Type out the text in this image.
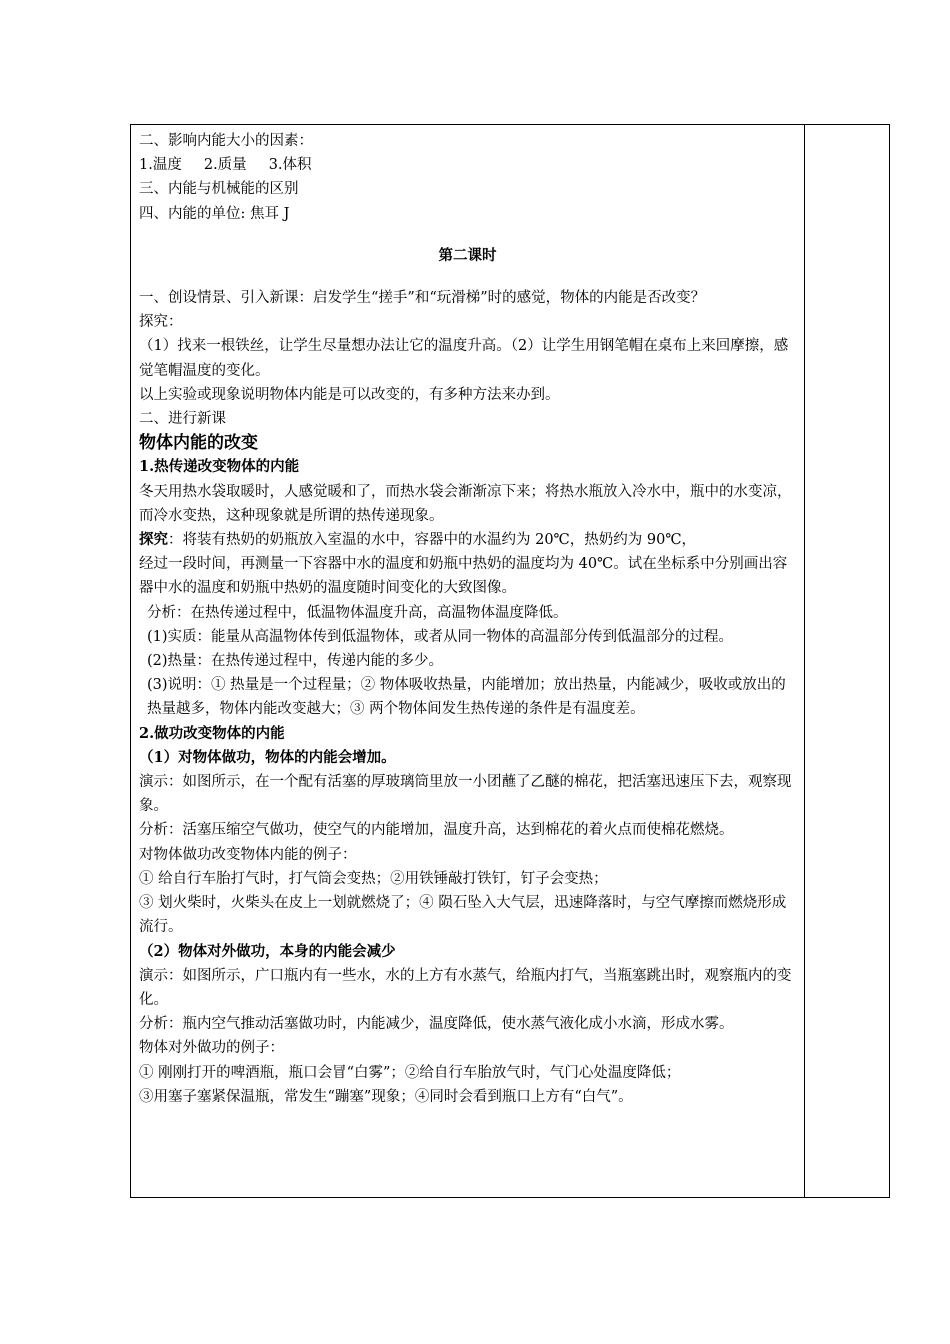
二、影响内能大小的因素：

1.温度 2.质量 3.体积

三、内能与机械能的区别

四、内能的单位: 焦耳 J

第二课时

一、创设情景、引入新课：启发学生“搓手”和“玩滑梯”时的感觉，物体的内能是否改变？

探究：

（1）找来一根铁丝，让学生尽量想办法让它的温度升高。（2）让学生用钢笔帽在桌布上来回摩擦，感觉笔帽温度的变化。

以上实验或现象说明物体内能是可以改变的，有多种方法来办到。

二、进行新课

物体内能的改变

1.热传递改变物体的内能

冬天用热水袋取暖时，人感觉暖和了，而热水袋会渐渐凉下来；将热水瓶放入冷水中，瓶中的水变凉，而冷水变热，这种现象就是所谓的热传递现象。

探究：将装有热奶的奶瓶放入室温的水中，容器中的水温约为 20℃，热奶约为 90℃，

经过一段时间，再测量一下容器中水的温度和奶瓶中热奶的温度均为 40℃。试在坐标系中分别画出容器中水的温度和奶瓶中热奶的温度随时间变化的大致图像。

分析：在热传递过程中，低温物体温度升高，高温物体温度降低。

(1)实质：能量从高温物体传到低温物体，或者从同一物体的高温部分传到低温部分的过程。

(2)热量：在热传递过程中，传递内能的多少。

(3)说明：① 热量是一个过程量；② 物体吸收热量，内能增加；放出热量，内能减少，吸收或放出的热量越多，物体内能改变越大；③ 两个物体间发生热传递的条件是有温度差。

2.做功改变物体的内能

（1）对物体做功，物体的内能会增加。

演示：如图所示，在一个配有活塞的厚玻璃筒里放一小团蘸了乙醚的棉花，把活塞迅速压下去，观察现象。

分析：活塞压缩空气做功，使空气的内能增加，温度升高，达到棉花的着火点而使棉花燃烧。

对物体做功改变物体内能的例子：

① 给自行车胎打气时，打气筒会变热；②用铁锤敲打铁钉，钉子会变热；

③ 划火柴时，火柴头在皮上一划就燃烧了；④ 陨石坠入大气层，迅速降落时，与空气摩擦而燃烧形成流行。

（2）物体对外做功，本身的内能会减少

演示：如图所示，广口瓶内有一些水，水的上方有水蒸气，给瓶内打气，当瓶塞跳出时，观察瓶内的变化。

分析：瓶内空气推动活塞做功时，内能减少，温度降低，使水蒸气液化成小水滴，形成水雾。

物体对外做功的例子：

① 刚刚打开的啤酒瓶，瓶口会冒“白雾”；②给自行车胎放气时，气门心处温度降低；

③用塞子塞紧保温瓶，常发生“蹦塞”现象；④同时会看到瓶口上方有“白气”。
